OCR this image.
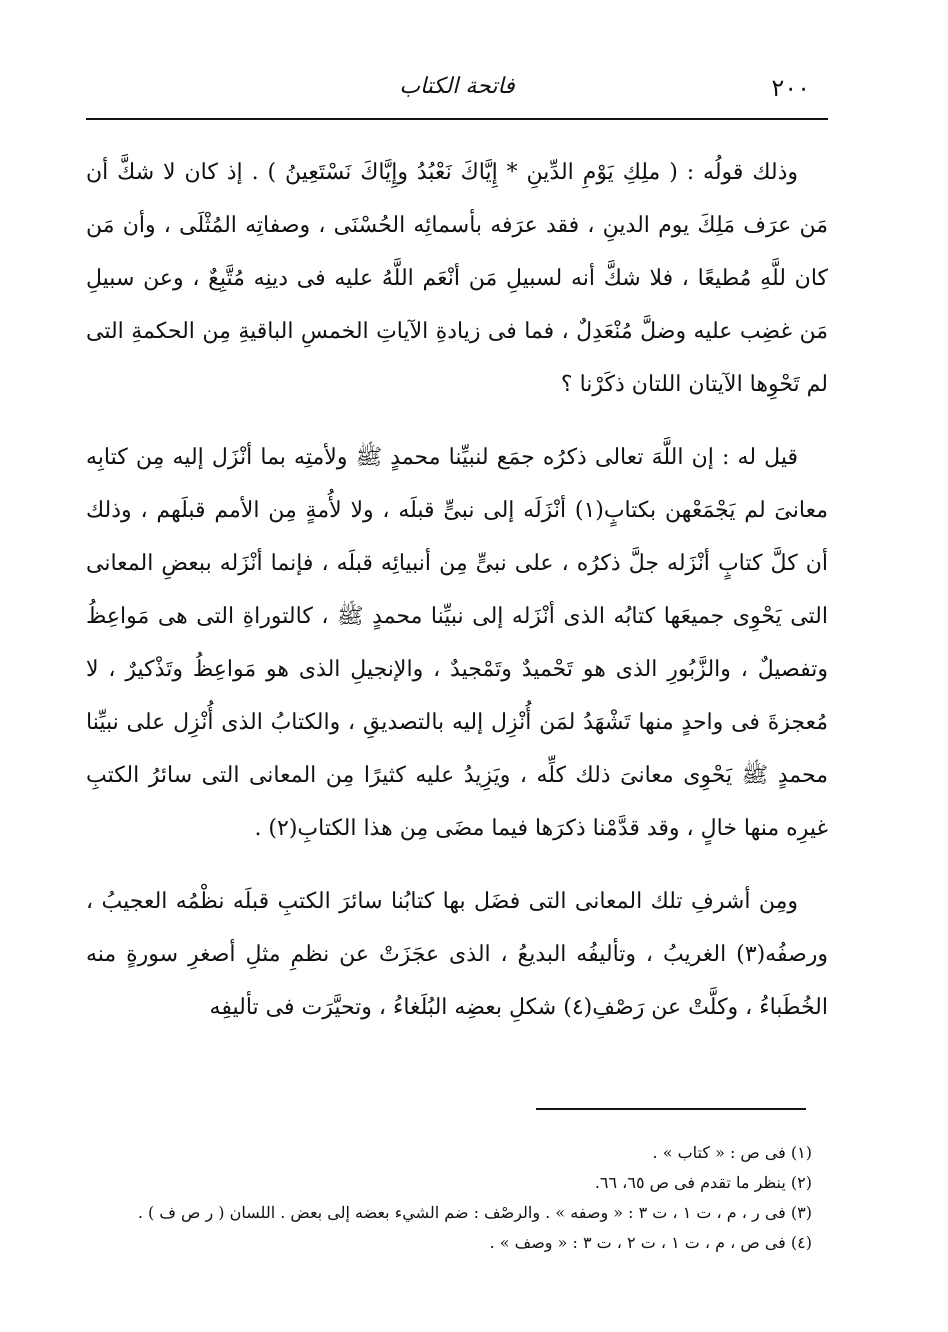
٢٠٠
فاتحة الكتاب

وذلك قولُه : ( ملِكِ يَوْمِ الدِّينِ * إِيَّاكَ نَعْبُدُ وإِيَّاكَ نَسْتَعِينُ ) . إذ كان لا شكَّ أن مَن عرَف مَلِكَ يوم الدينِ ، فقد عرَفه بأسمائِه الحُسْنَى ، وصفاتِه المُثْلَى ، وأن مَن كان للَّهِ مُطيعًا ، فلا شكَّ أنه لسبيلِ مَن أنْعَم اللَّهُ عليه فى دينِه مُتَّبِعٌ ، وعن سبيلِ مَن غضِب عليه وضلَّ مُنْعَدِلٌ ، فما فى زيادةِ الآياتِ الخمسِ الباقيةِ مِن الحكمةِ التى لم تَحْوِها الآيتان اللتان ذكَرْنا ؟

قيل له : إن اللَّهَ تعالى ذكرُه جمَع لنبيِّنا محمدٍ ﷺ ولأمتِه بما أنْزَل إليه مِن كتابِه معانىَ لم يَجْمَعْهن بكتابٍ(١) أنْزَلَه إلى نبىٍّ قبلَه ، ولا لأُمةٍ مِن الأمم قبلَهم ، وذلك أن كلَّ كتابٍ أنْزَله جلَّ ذكرُه ، على نبىٍّ مِن أنبيائِه قبلَه ، فإنما أنْزَله ببعضِ المعانى التى يَحْوِى جميعَها كتابُه الذى أنْزَله إلى نبيِّنا محمدٍ ﷺ ، كالتوراةِ التى هى مَواعِظُ وتفصيلٌ ، والزَّبُورِ الذى هو تَحْميدٌ وتَمْجيدٌ ، والإنجيلِ الذى هو مَواعِظُ وتَذْكيرٌ ، لا مُعجزةَ فى واحدٍ منها تَشْهَدُ لمَن أُنْزِل إليه بالتصديقِ ، والكتابُ الذى أُنْزِل على نبيِّنا محمدٍ ﷺ يَحْوِى معانىَ ذلك كلِّه ، ويَزِيدُ عليه كثيرًا مِن المعانى التى سائرُ الكتبِ غيرِه منها خالٍ ، وقد قدَّمْنا ذكرَها فيما مضَى مِن هذا الكتابِ(٢) .

ومِن أشرفِ تلك المعانى التى فضَل بها كتابُنا سائرَ الكتبِ قبلَه نظْمُه العجيبُ ، ورصفُه(٣) الغريبُ ، وتأليفُه البديعُ ، الذى عجَزَتْ عن نظمِ مثلِ أصغرِ سورةٍ منه الخُطَباءُ ، وكلَّتْ عن رَصْفِ(٤) شكلِ بعضِه البُلَغاءُ ، وتحيَّرَت فى تأليفِه

(١) فى ص : « كتاب » .

(٢) ينظر ما تقدم فى ص ٦٥، ٦٦.

(٣) فى ر ، م ، ت ١ ، ت ٣ : « وصفه » . والرصْف : ضم الشيء بعضه إلى بعض . اللسان ( ر ص ف ) .

(٤) فى ص ، م ، ت ١ ، ت ٢ ، ت ٣ : « وصف » .
